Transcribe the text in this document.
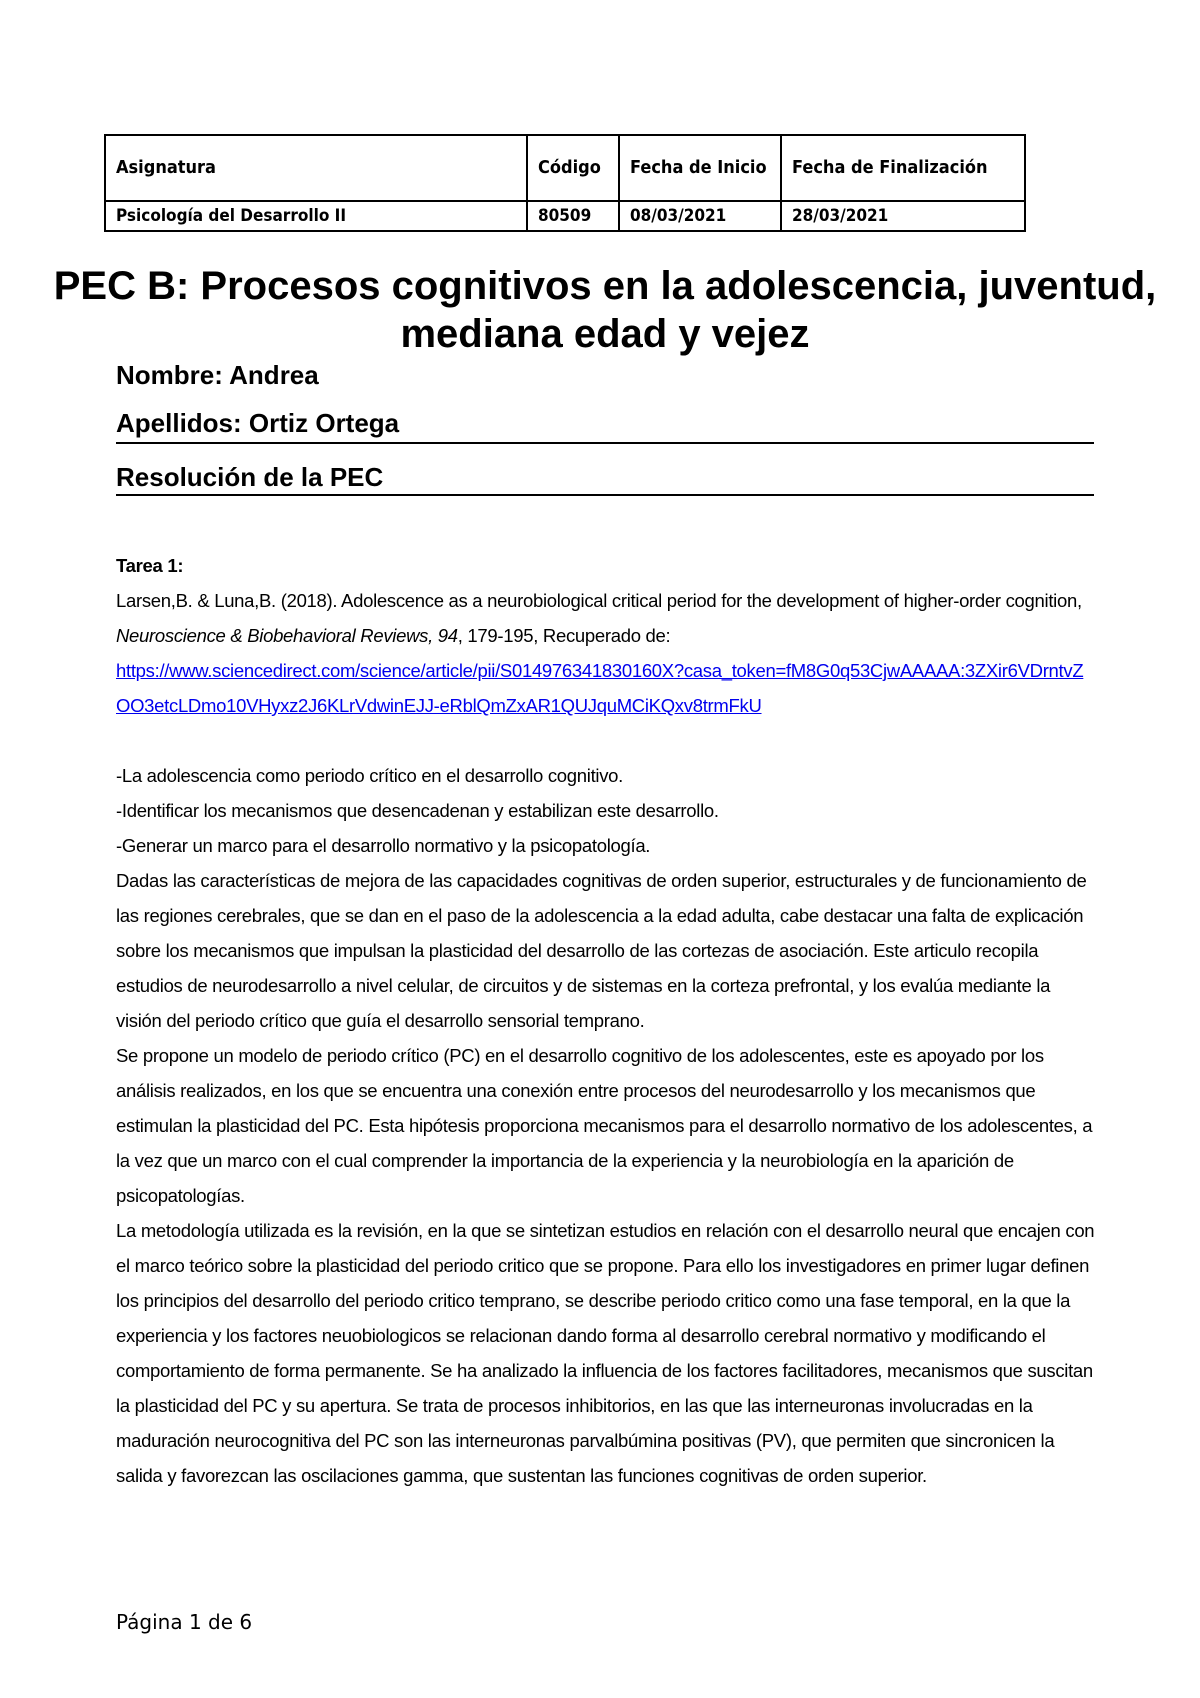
Asignatura	Código	Fecha de Inicio	Fecha de Finalización
Psicología del Desarrollo II	80509	08/03/2021	28/03/2021
PEC B: Procesos cognitivos en la adolescencia, juventud, mediana edad y vejez
Nombre: Andrea
Apellidos: Ortiz Ortega
Resolución de la PEC

Tarea 1:

Larsen,B. & Luna,B. (2018). Adolescence as a neurobiological critical period for the development of higher-order cognition, Neuroscience & Biobehavioral Reviews, 94, 179-195, Recuperado de:
https://www.sciencedirect.com/science/article/pii/S014976341830160X?casa_token=fM8G0q53CjwAAAAA:3ZXir6VDrntvZOO3etcLDmo10VHyxz2J6KLrVdwinEJJ-eRblQmZxAR1QUJquMCiKQxv8trmFkU

-La adolescencia como periodo crítico en el desarrollo cognitivo.

-Identificar los mecanismos que desencadenan y estabilizan este desarrollo.

-Generar un marco para el desarrollo normativo y la psicopatología.

Dadas las características de mejora de las capacidades cognitivas de orden superior, estructurales y de funcionamiento de las regiones cerebrales, que se dan en el paso de la adolescencia a la edad adulta, cabe destacar una falta de explicación sobre los mecanismos que impulsan la plasticidad del desarrollo de las cortezas de asociación. Este articulo recopila estudios de neurodesarrollo a nivel celular, de circuitos y de sistemas en la corteza prefrontal, y los evalúa mediante la visión del periodo crítico que guía el desarrollo sensorial temprano.

Se propone un modelo de periodo crítico (PC) en el desarrollo cognitivo de los adolescentes, este es apoyado por los análisis realizados, en los que se encuentra una conexión entre procesos del neurodesarrollo y los mecanismos que estimulan la plasticidad del PC. Esta hipótesis proporciona mecanismos para el desarrollo normativo de los adolescentes, a la vez que un marco con el cual comprender la importancia de la experiencia y la neurobiología en la aparición de psicopatologías.

La metodología utilizada es la revisión, en la que se sintetizan estudios en relación con el desarrollo neural que encajen con el marco teórico sobre la plasticidad del periodo critico que se propone. Para ello los investigadores en primer lugar definen los principios del desarrollo del periodo critico temprano, se describe periodo critico como una fase temporal, en la que la experiencia y los factores neuobiologicos se relacionan dando forma al desarrollo cerebral normativo y modificando el comportamiento de forma permanente. Se ha analizado la influencia de los factores facilitadores, mecanismos que suscitan la plasticidad del PC y su apertura. Se trata de procesos inhibitorios, en las que las interneuronas involucradas en la maduración neurocognitiva del PC son las interneuronas parvalbúmina positivas (PV), que permiten que sincronicen la salida y favorezcan las oscilaciones gamma, que sustentan las funciones cognitivas de orden superior.

Página 1 de 6
